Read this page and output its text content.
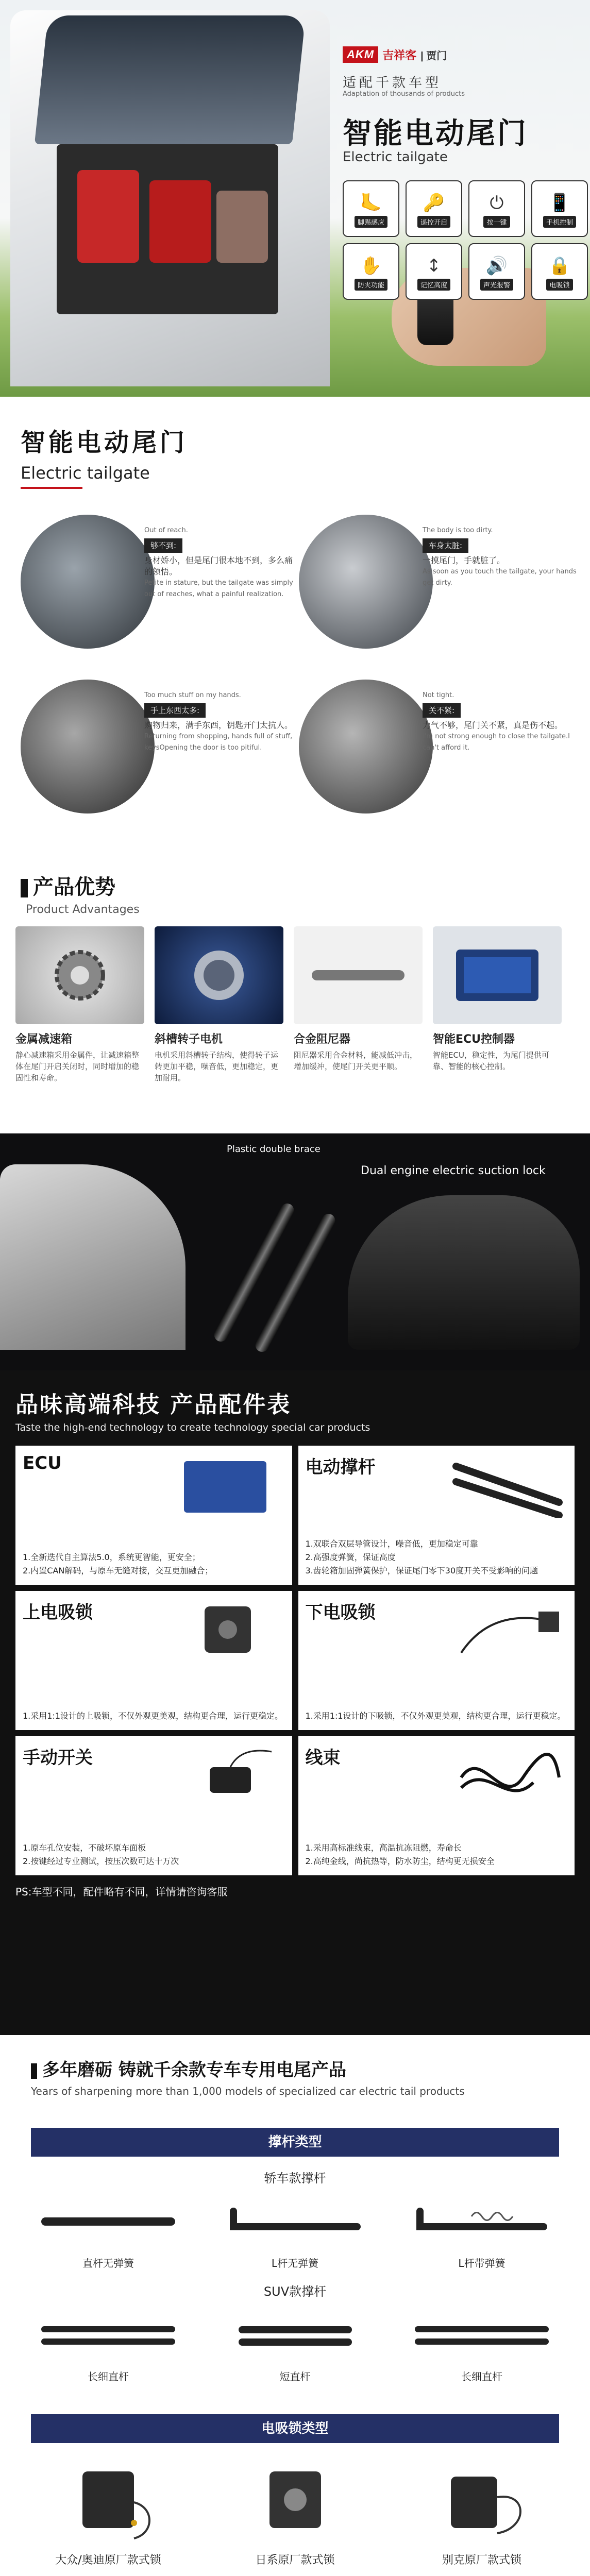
AKM 吉祥客 | 贾门
适配千款车型
Adaptation of thousands of products
智能电动尾门
Electric tailgate
🦶
脚踢感应
🔑
遥控开启
⏻
按一键
📱
手机控制
✋
防夹功能
↕
记忆高度
🔊
声光报警
🔒
电吸锁
智能电动尾门
Electric tailgate
Out of reach.
够不到:
身材娇小，但是尾门很本地不到，多么痛的领悟。
Petite in stature, but the tailgate was simply out of reaches, what a painful realization.
The body is too dirty.
车身太脏:
一摸尾门，手就脏了。
As soon as you touch the tailgate, your hands get dirty.
Too much stuff on my hands.
手上东西太多:
购物归来，满手东西，钥匙开门太抗人。
Returning from shopping, hands full of stuff, keysOpening the door is too pitiful.
Not tight.
关不紧:
力气不够，尾门关不紧，真是伤不起。
I'm not strong enough to close the tailgate.I can't afford it.
产品优势
Product Advantages
金属减速箱
静心减速箱采用金属件，让减速箱整体在尾门开启关闭时，同时增加的稳固性和寿命。
斜槽转子电机
电机采用斜槽转子结构，使得转子运转更加平稳，噪音低，更加稳定，更加耐用。
合金阻尼器
阻尼器采用合金材料，能减低冲击，增加缓冲，使尾门开关更平顺。
智能ECU控制器
智能ECU，稳定性，为尾门提供可靠、智能的核心控制。
Plastic double brace
Dual engine electric suction lock
品味高端科技 产品配件表
Taste the high-end technology to create technology special car products
ECU
1.全新迭代自主算法5.0，系统更智能，更安全；
2.内置CAN解码，与原车无缝对接，交互更加融合；
电动撑杆
1.双联合双层导管设计，噪音低，更加稳定可靠
2.高强度弹簧，保证高度
3.齿轮箱加固弹簧保护，保证尾门零下30度开关不受影响的问题
上电吸锁
1.采用1:1设计的上吸锁，不仅外观更美观，结构更合理，运行更稳定。
下电吸锁
1.采用1:1设计的下吸锁，不仅外观更美观，结构更合理，运行更稳定。
手动开关
1.原车孔位安装，不破坏原车面板
2.按键经过专业测试，按压次数可达十万次
线束
1.采用高标准线束，高温抗冻阻燃，寿命长
2.高纯金线，尚抗热等，防水防尘，结构更无损安全
PS:车型不同，配件略有不同，详情请咨询客服
多年磨砺 铸就千余款专车专用电尾产品
Years of sharpening more than 1,000 models of specialized car electric tail products
撑杆类型
轿车款撑杆
直杆无弹簧	L杆无弹簧	L杆带弹簧
SUV款撑杆
长细直杆	短直杆	长细直杆
电吸锁类型
大众/奥迪原厂款式锁	日系原厂款式锁	别克原厂款式锁
